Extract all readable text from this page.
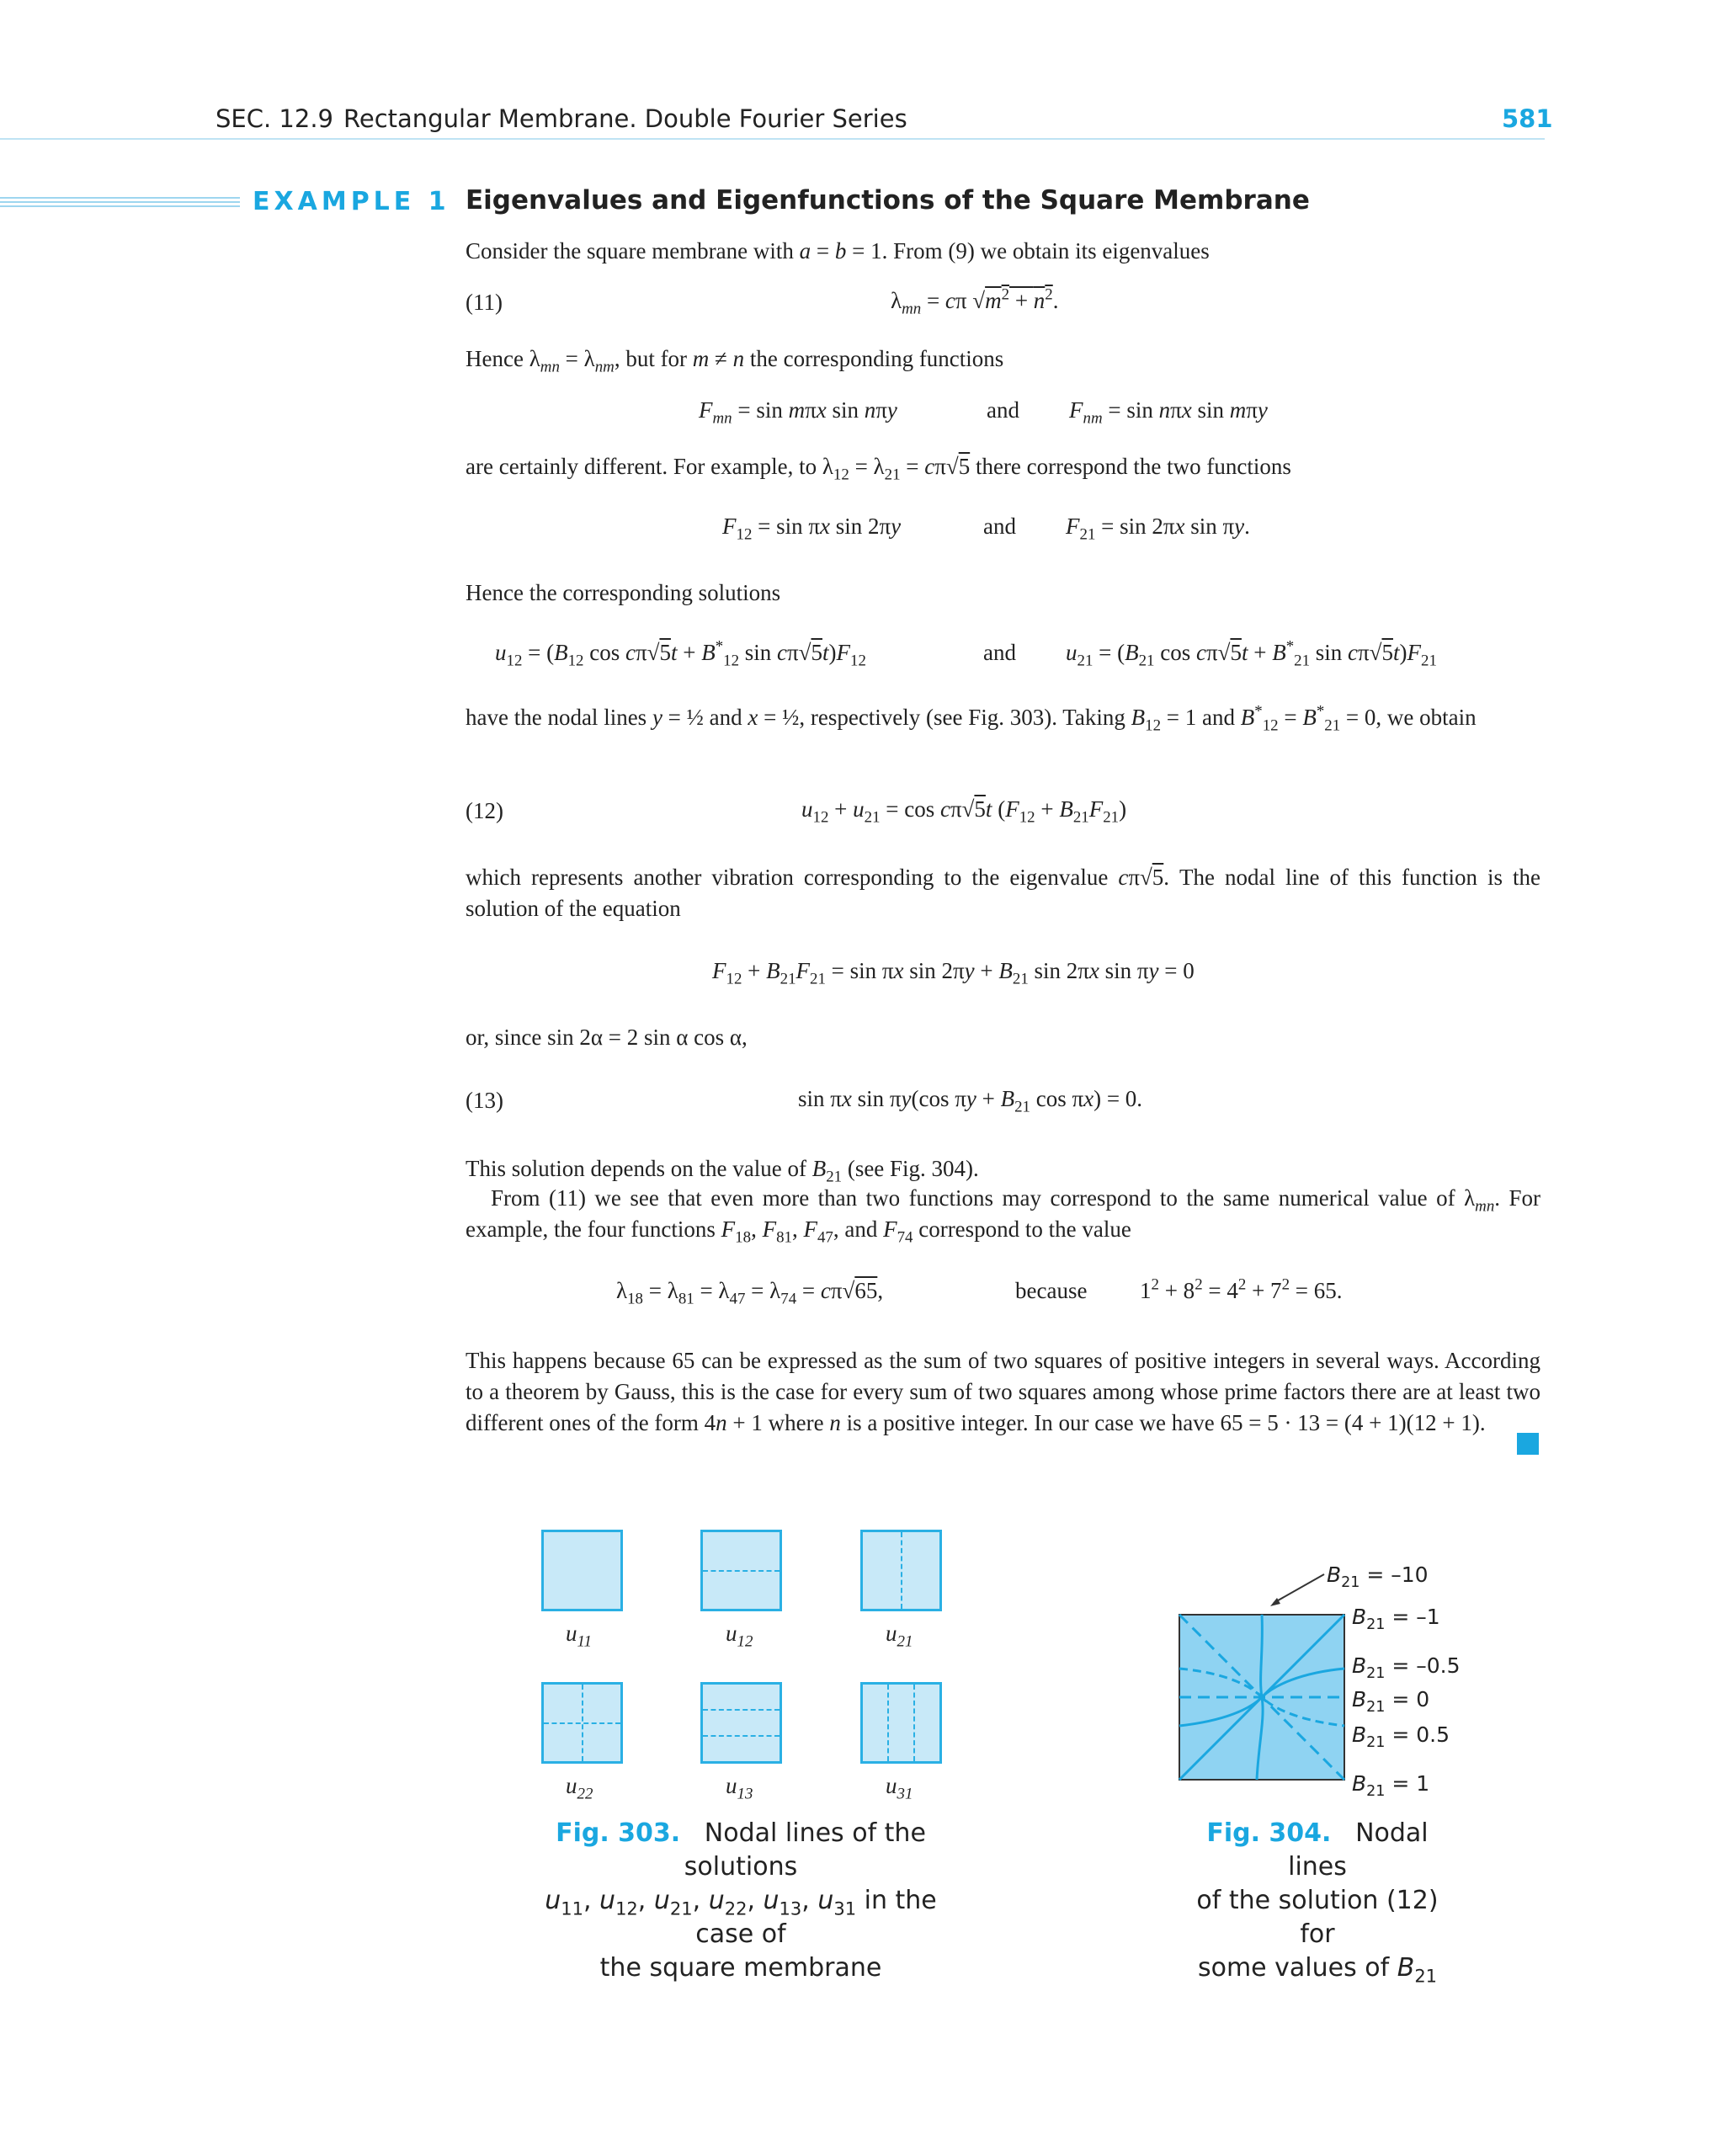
SEC. 12.9 Rectangular Membrane. Double Fourier Series	581
EXAMPLE 1 Eigenvalues and Eigenfunctions of the Square Membrane
Consider the square membrane with a = b = 1. From (9) we obtain its eigenvalues
(11)	$\lambda_{mn} = c\pi$ $√m^2 + n^2$.
Hence $\lambda_{mn} = \lambda_{nm}$, but for m ≠ n the corresponding functions
$F_{mn} = \sin m\pi x$ sin nπy	and $F_{nm} = \sin n\pi x$ sin mπy
are certainly different. For example, to $\lambda_{12} = \lambda_{21} = c\pi√5$ there correspond the two functions
$F_{12} = \sin \pi x$ sin 2πy	and $F_{21} = \sin 2\pi x$ sin πy.
Hence the corresponding solutions
$u_{12} = (B_{12}$ $\cos c\pi√5t + B^*_{12}$ $\sin c\pi√5t)F_{12}$	and $u_{21} = (B_{21}$ $\cos c\pi√5t + B^*_{21}$ $\sin c\pi√5t)F_{21}$
have the nodal lines y = ½ and x = ½, respectively (see Fig. 303). Taking $B_{12} = 1$ and $B^*_{12} = B^*_{21} = 0$, we obtain
(12)	$u_{12} + u_{21} = \cos c\pi√5t$ $(F_{12} + B_{21}F_{21})$
which represents another vibration corresponding to the eigenvalue cπ√5. The nodal line of this function is the solution of the equation
$F_{12} + B_{21}F_{21} = \sin \pi x$ $\sin 2\pi y + B_{21}$ sin 2πx sin πy = 0
or, since sin 2α = 2 sin α cos α,
(13)	sin πx sin πy(cos $\pi y + B_{21}$ cos πx) = 0.
This solution depends on the value of $B_{21}$ (see Fig. 304).
From (11) we see that even more than two functions may correspond to the same numerical value of $\lambda_{mn}$. For example, the four functions $F_{18}$, $F_{81}$, $F_{47}$, and $F_{74}$ correspond to the value
$\lambda_{18} = \lambda_{81} = \lambda_{47} = \lambda_{74} = c\pi√65$,	because $1^2 + 8^2 = 4^2 + 7^2 = 65$.
This happens because 65 can be expressed as the sum of two squares of positive integers in several ways. According to a theorem by Gauss, this is the case for every sum of two squares among whose prime factors there are at least two different ones of the form 4n + 1 where n is a positive integer. In our case we have 65 = 5 · 13 = (4 + 1)(12 + 1).
$u_{11}$	$u_{12}$	$u_{21}$
$u_{22}$	$u_{13}$	$u_{31}$
Fig. 303.   Nodal lines of the solutions
$u_{11}$, $u_{12}$, $u_{21}$, $u_{22}$, $u_{13}$, $u_{31}$ in the case of
the square membrane
$B_{21} = -10$
$B_{21} = -1$
$B_{21} = -0.5$
$B_{21} = 0$
$B_{21} = 0.5$
$B_{21} = 1$
Fig. 304.   Nodal lines
of the solution (12) for
some values of $B_{21}$
